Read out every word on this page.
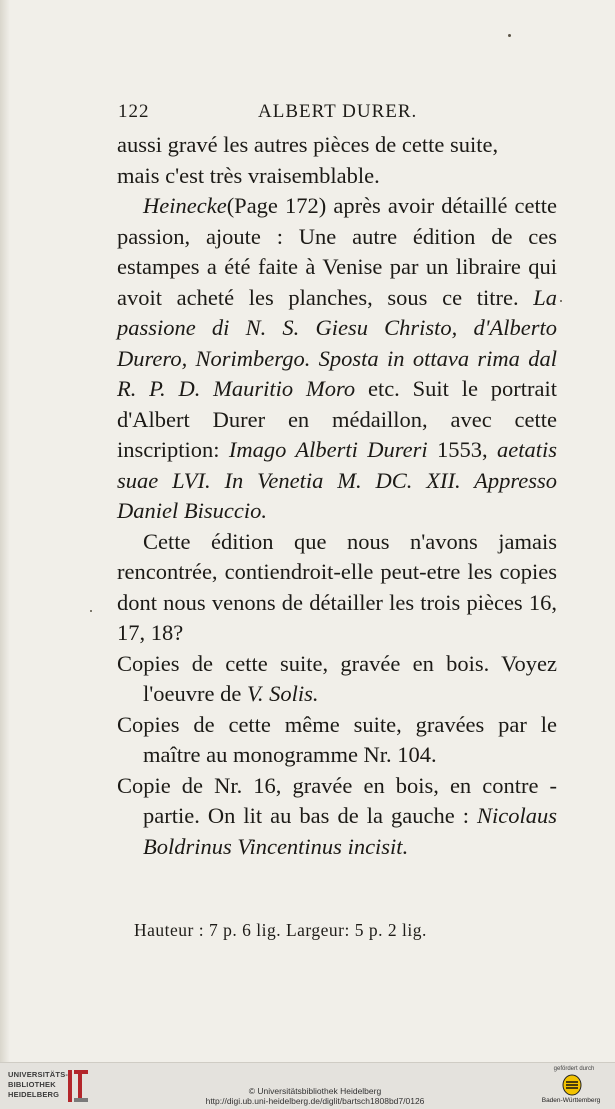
122	ALBERT DURER.

aussi gravé les autres pièces de cette suite,

mais c'est très vraisemblable.

Heinecke(Page 172) après avoir détaillé cette passion, ajoute : Une autre édition de ces estampes a été faite à Venise par un libraire qui avoit acheté les planches, sous ce titre. La passione di N. S. Giesu Christo, d'Alberto Durero, Norimbergo. Sposta in ottava rima dal R. P. D. Mauritio Moro etc. Suit le portrait d'Albert Durer en médaillon, avec cette inscription: Imago Alberti Dureri 1553, aetatis suae LVI. In Venetia M. DC. XII. Appresso Daniel Bisuccio.

Cette édition que nous n'avons jamais rencontrée, contiendroit-elle peut-etre les copies dont nous venons de détailler les trois pièces 16, 17, 18?

Copies de cette suite, gravée en bois. Voyez l'oeuvre de V. Solis.

Copies de cette même suite, gravées par le maître au monogramme Nr. 104.

Copie de Nr. 16, gravée en bois, en contre - partie. On lit au bas de la gauche : Nicolaus Boldrinus Vincentinus incisit.

Hauteur : 7 p. 6 lig. Largeur: 5 p. 2 lig.
UNIVERSITÄTS-
BIBLIOTHEK
HEIDELBERG	© Universitätsbibliothek Heidelberg
http://digi.ub.uni-heidelberg.de/diglit/bartsch1808bd7/0126
gefördert durch
Baden-Württemberg
